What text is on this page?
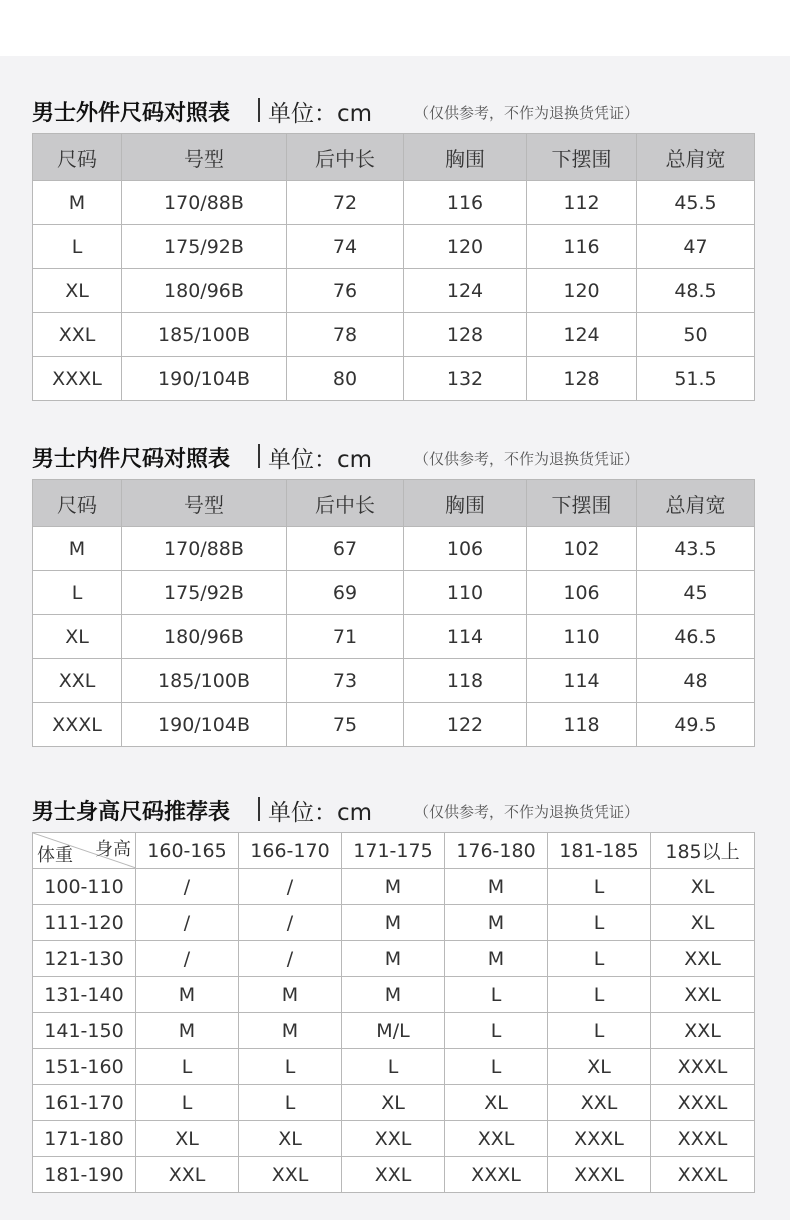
男士外件尺码对照表 单位：cm	（仅供参考，不作为退换货凭证）
尺码	号型	后中长	胸围	下摆围	总肩宽
M	170/88B	72	116	112	45.5
L	175/92B	74	120	116	47
XL	180/96B	76	124	120	48.5
XXL	185/100B	78	128	124	50
XXXL	190/104B	80	132	128	51.5
男士内件尺码对照表 单位：cm	（仅供参考，不作为退换货凭证）
尺码	号型	后中长	胸围	下摆围	总肩宽
M	170/88B	67	106	102	43.5
L	175/92B	69	110	106	45
XL	180/96B	71	114	110	46.5
XXL	185/100B	73	118	114	48
XXXL	190/104B	75	122	118	49.5
男士身高尺码推荐表 单位：cm	（仅供参考，不作为退换货凭证）
身高
体重	160-165	166-170	171-175	176-180	181-185	185以上
100-110	/	/	M	M	L	XL
111-120	/	/	M	M	L	XL
121-130	/	/	M	M	L	XXL
131-140	M	M	M	L	L	XXL
141-150	M	M	M/L	L	L	XXL
151-160	L	L	L	L	XL	XXXL
161-170	L	L	XL	XL	XXL	XXXL
171-180	XL	XL	XXL	XXL	XXXL	XXXL
181-190	XXL	XXL	XXL	XXXL	XXXL	XXXL
